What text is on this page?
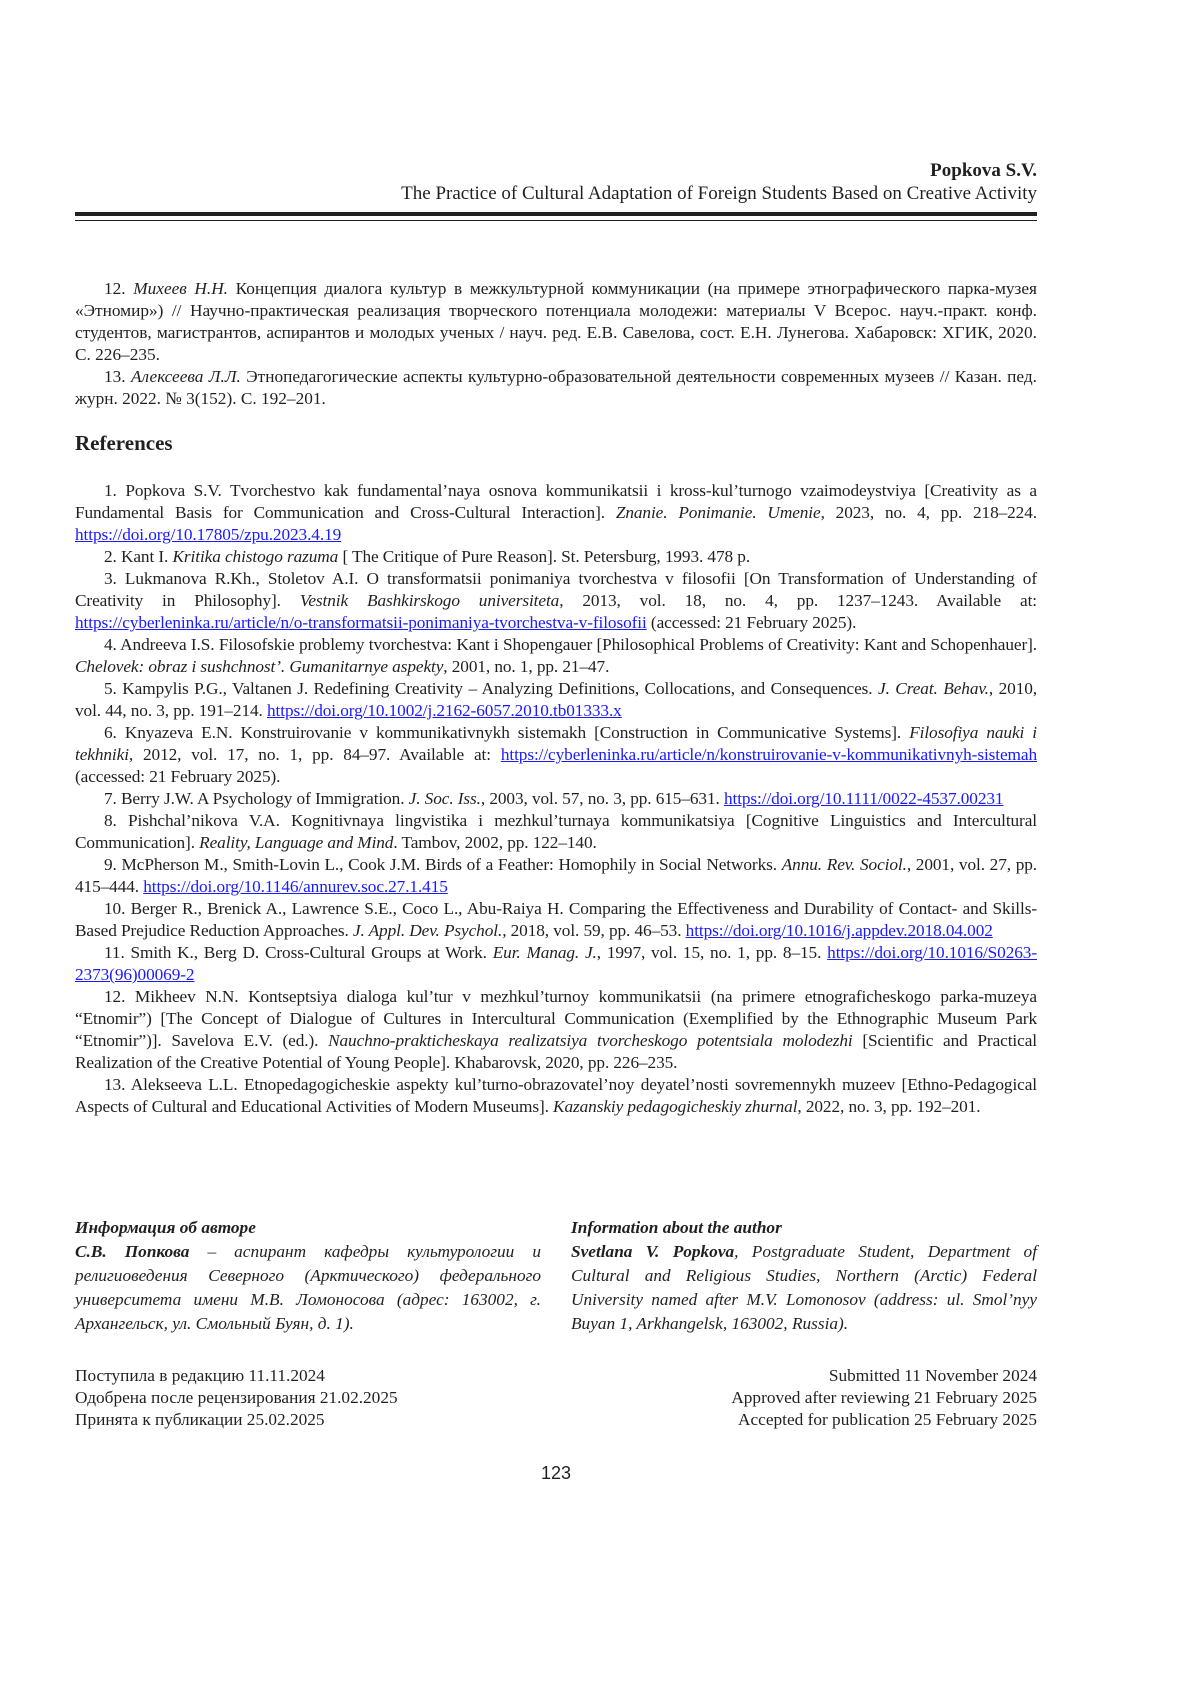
Popkova S.V.
The Practice of Cultural Adaptation of Foreign Students Based on Creative Activity

12. Михеев Н.Н. Концепция диалога культур в межкультурной коммуникации (на примере этнографического парка-музея «Этномир») // Научно-практическая реализация творческого потенциала молодежи: материалы V Всерос. науч.-практ. конф. студентов, магистрантов, аспирантов и молодых ученых / науч. ред. Е.В. Савелова, сост. Е.Н. Лунегова. Хабаровск: ХГИК, 2020. С. 226–235.

13. Алексеева Л.Л. Этнопедагогические аспекты культурно-образовательной деятельности современных музеев // Казан. пед. журн. 2022. № 3(152). С. 192–201.

References

1. Popkova S.V. Tvorchestvo kak fundamental’naya osnova kommunikatsii i kross-kul’turnogo vzaimodeystviya [Creativity as a Fundamental Basis for Communication and Cross-Cultural Interaction]. Znanie. Ponimanie. Umenie, 2023, no. 4, pp. 218–224. https://doi.org/10.17805/zpu.2023.4.19

2. Kant I. Kritika chistogo razuma [ The Critique of Pure Reason]. St. Petersburg, 1993. 478 p.

3. Lukmanova R.Kh., Stoletov A.I. O transformatsii ponimaniya tvorchestva v filosofii [On Transformation of Understanding of Creativity in Philosophy]. Vestnik Bashkirskogo universiteta, 2013, vol. 18, no. 4, pp. 1237–1243. Available at: https://cyberleninka.ru/article/n/o-transformatsii-ponimaniya-tvorchestva-v-filosofii (accessed: 21 February 2025).

4. Andreeva I.S. Filosofskie problemy tvorchestva: Kant i Shopengauer [Philosophical Problems of Creativity: Kant and Schopenhauer]. Chelovek: obraz i sushchnost’. Gumanitarnye aspekty, 2001, no. 1, pp. 21–47.

5. Kampylis P.G., Valtanen J. Redefining Creativity – Analyzing Definitions, Collocations, and Consequences. J. Creat. Behav., 2010, vol. 44, no. 3, pp. 191–214. https://doi.org/10.1002/j.2162-6057.2010.tb01333.x

6. Knyazeva E.N. Konstruirovanie v kommunikativnykh sistemakh [Construction in Communicative Systems]. Filosofiya nauki i tekhniki, 2012, vol. 17, no. 1, pp. 84–97. Available at: https://cyberleninka.ru/article/n/konstruirovanie-v-kommunikativnyh-sistemah (accessed: 21 February 2025).

7. Berry J.W. A Psychology of Immigration. J. Soc. Iss., 2003, vol. 57, no. 3, pp. 615–631. https://doi.org/10.1111/0022-4537.00231

8. Pishchal’nikova V.A. Kognitivnaya lingvistika i mezhkul’turnaya kommunikatsiya [Cognitive Linguistics and Intercultural Communication]. Reality, Language and Mind. Tambov, 2002, pp. 122–140.

9. McPherson M., Smith-Lovin L., Cook J.M. Birds of a Feather: Homophily in Social Networks. Annu. Rev. Sociol., 2001, vol. 27, pp. 415–444. https://doi.org/10.1146/annurev.soc.27.1.415

10. Berger R., Brenick A., Lawrence S.E., Coco L., Abu-Raiya H. Comparing the Effectiveness and Durability of Contact- and Skills-Based Prejudice Reduction Approaches. J. Appl. Dev. Psychol., 2018, vol. 59, pp. 46–53. https://doi.org/10.1016/j.appdev.2018.04.002

11. Smith K., Berg D. Cross-Cultural Groups at Work. Eur. Manag. J., 1997, vol. 15, no. 1, pp. 8–15. https://doi.org/10.1016/S0263-2373(96)00069-2

12. Mikheev N.N. Kontseptsiya dialoga kul’tur v mezhkul’turnoy kommunikatsii (na primere etnograficheskogo parka-muzeya “Etnomir”) [The Concept of Dialogue of Cultures in Intercultural Communication (Exemplified by the Ethnographic Museum Park “Etnomir”)]. Savelova E.V. (ed.). Nauchno-prakticheskaya realizatsiya tvorcheskogo potentsiala molodezhi [Scientific and Practical Realization of the Creative Potential of Young People]. Khabarovsk, 2020, pp. 226–235.

13. Alekseeva L.L. Etnopedagogicheskie aspekty kul’turno-obrazovatel’noy deyatel’nosti sovremennykh muzeev [Ethno-Pedagogical Aspects of Cultural and Educational Activities of Modern Museums]. Kazanskiy pedagogicheskiy zhurnal, 2022, no. 3, pp. 192–201.

Информация об авторе
С.В. Попкова – аспирант кафедры культурологии и религиоведения Северного (Арктического) федерального университета имени М.В. Ломоносова (адрес: 163002, г. Архангельск, ул. Смольный Буян, д. 1).
Information about the author
Svetlana V. Popkova, Postgraduate Student, Department of Cultural and Religious Studies, Northern (Arctic) Federal University named after M.V. Lomonosov (address: ul. Smol’nyy Buyan 1, Arkhangelsk, 163002, Russia).
Поступила в редакцию 11.11.2024
Одобрена после рецензирования 21.02.2025
Принята к публикации 25.02.2025
Submitted 11 November 2024
Approved after reviewing 21 February 2025
Accepted for publication 25 February 2025
123
